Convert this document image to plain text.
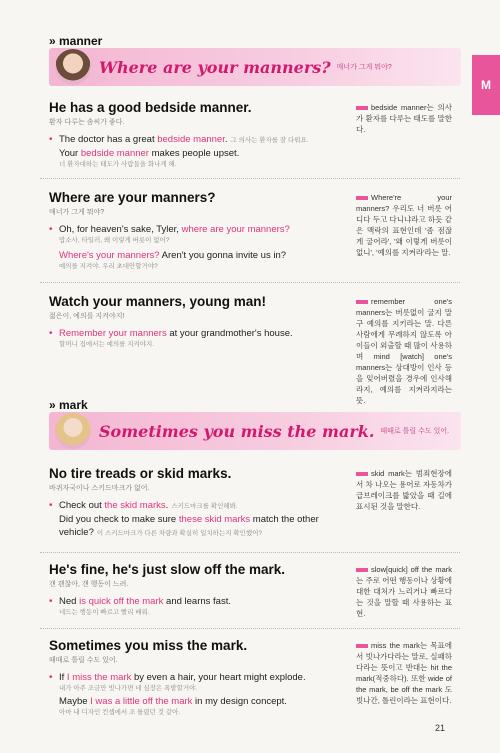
M
» manner
Where are your manners? 매너가 그게 뭐야?
He has a good bedside manner.
환자 다루는 솜씨가 좋다.
• The doctor has a great bedside manner. 그 의사는 환자를 잘 다뤄요.
Your bedside manner makes people upset.
너 환자대하는 태도가 사람들을 화나게 해.
bedside manner는 의사가 환자를 다루는 태도를 말한다.
Where are your manners?
매너가 그게 뭐야?
• Oh, for heaven's sake, Tyler, where are your manners?
맙소사, 타일러, 왜 이렇게 버릇이 없어?
Where's your manners? Aren't you gonna invite us in?
예의를 지켜야. 우리 초대안할거야?
Where're your manners? 우리도 너 버릇 어디다 두고 다니냐라고 하듯 같은 맥락의 표현인데 '좀 점잖게 굴어라', '왜 이렇게 버릇이 없니', '예의를 지켜라'라는 말.
Watch your manners, young man!
젊은이, 예의를 지켜야지!
• Remember your manners at your grandmother's house.
할머니 집에서는 예의를 지켜야지.
remember one's manners는 버릇없이 굴지 말구 예의를 지키라는 말. 다른 사람에게 무례하지 않도록 아이들이 외출할 때 많이 사용하며 mind [watch] one's manners는 상대방이 인사 등을 잊어버렸을 경우에 인사해라지, 예의를 지켜라지라는 뜻.
» mark
Sometimes you miss the mark. 때때로 틀릴 수도 있어.
No tire treads or skid marks.
바퀴자국이나 스키드마크가 없어.
• Check out the skid marks. 스키드마크를 확인해봐.
Did you check to make sure these skid marks match the other vehicle? 이 스키드마크가 다른 차량과 확실히 일치하는지 확인했어?
skid mark는 범죄현장에서 차 나오는 용어로 자동차가 급브레이크를 밟았을 때 길에 표시된 것을 말한다.
He's fine, he's just slow off the mark.
걘 괜찮아, 걘 행동이 느려.
• Ned is quick off the mark and learns fast.
네드는 행동이 빠르고 빨리 배워.
slow[quick] off the mark는 주로 어떤 행동이나 상황에 대한 대처가 느리거나 빠르다는 것을 말할 때 사용하는 표현.
Sometimes you miss the mark.
때때로 틀릴 수도 있어.
• If I miss the mark by even a hair, your heart might explode.
내가 아주 조금만 빗나가면 네 심장은 폭발할거야.
Maybe I was a little off the mark in my design concept.
아마 내 디자인 컨셉에서 조 틀렸던 것 같아.
miss the mark는 목표에서 빗나가다라는 말로, 실패하다라는 뜻이고 반대는 hit the mark(적중하다). 또한 wide of the mark, be off the mark 도 빗나간, 틀린이라는 표현이다.
21
